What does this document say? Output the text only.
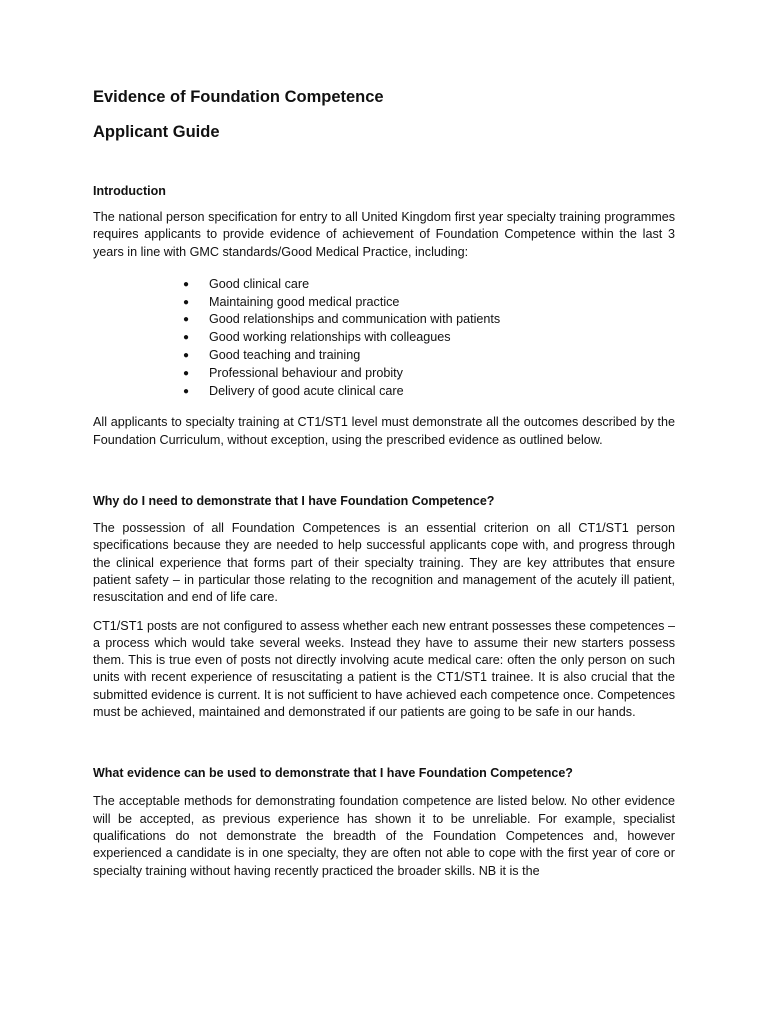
Evidence of Foundation Competence
Applicant Guide
Introduction

The national person specification for entry to all United Kingdom first year specialty training programmes requires applicants to provide evidence of achievement of Foundation Competence within the last 3 years in line with GMC standards/Good Medical Practice, including:

● Good clinical care
● Maintaining good medical practice
● Good relationships and communication with patients
● Good working relationships with colleagues
● Good teaching and training
● Professional behaviour and probity
● Delivery of good acute clinical care

All applicants to specialty training at CT1/ST1 level must demonstrate all the outcomes described by the Foundation Curriculum, without exception, using the prescribed evidence as outlined below.

Why do I need to demonstrate that I have Foundation Competence?

The possession of all Foundation Competences is an essential criterion on all CT1/ST1 person specifications because they are needed to help successful applicants cope with, and progress through the clinical experience that forms part of their specialty training. They are key attributes that ensure patient safety – in particular those relating to the recognition and management of the acutely ill patient, resuscitation and end of life care.

CT1/ST1 posts are not configured to assess whether each new entrant possesses these competences – a process which would take several weeks. Instead they have to assume their new starters possess them. This is true even of posts not directly involving acute medical care: often the only person on such units with recent experience of resuscitating a patient is the CT1/ST1 trainee. It is also crucial that the submitted evidence is current. It is not sufficient to have achieved each competence once. Competences must be achieved, maintained and demonstrated if our patients are going to be safe in our hands.

What evidence can be used to demonstrate that I have Foundation Competence?

The acceptable methods for demonstrating foundation competence are listed below. No other evidence will be accepted, as previous experience has shown it to be unreliable. For example, specialist qualifications do not demonstrate the breadth of the Foundation Competences and, however experienced a candidate is in one specialty, they are often not able to cope with the first year of core or specialty training without having recently practiced the broader skills. NB it is the
